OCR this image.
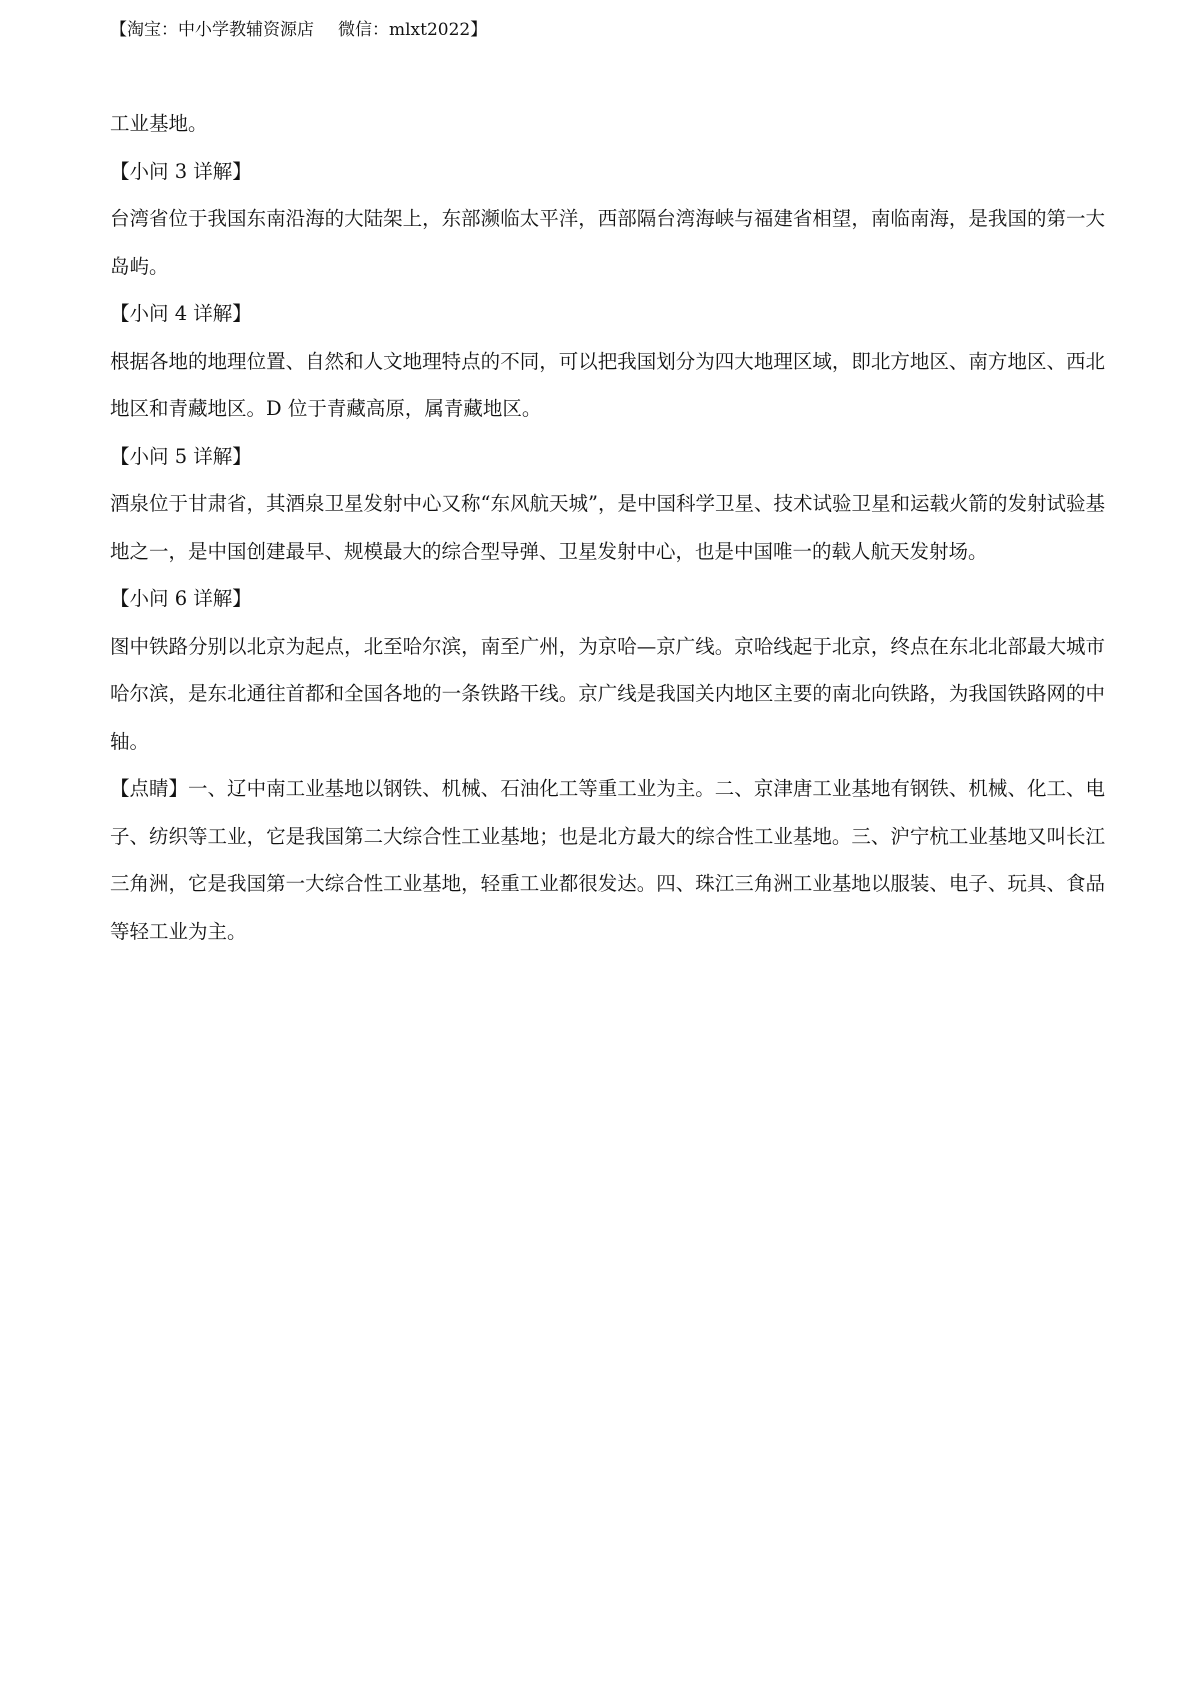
【淘宝：中小学教辅资源店 微信：mlxt2022】

工业基地。

【小问 3 详解】

台湾省位于我国东南沿海的大陆架上，东部濒临太平洋，西部隔台湾海峡与福建省相望，南临南海，是我国的第一大岛屿。

【小问 4 详解】

根据各地的地理位置、自然和人文地理特点的不同，可以把我国划分为四大地理区域，即北方地区、南方地区、西北地区和青藏地区。D 位于青藏高原，属青藏地区。

【小问 5 详解】

酒泉位于甘肃省，其酒泉卫星发射中心又称“东风航天城”，是中国科学卫星、技术试验卫星和运载火箭的发射试验基地之一，是中国创建最早、规模最大的综合型导弹、卫星发射中心，也是中国唯一的载人航天发射场。

【小问 6 详解】

图中铁路分别以北京为起点，北至哈尔滨，南至广州，为京哈—京广线。京哈线起于北京，终点在东北北部最大城市哈尔滨，是东北通往首都和全国各地的一条铁路干线。京广线是我国关内地区主要的南北向铁路，为我国铁路网的中轴。

【点睛】一、辽中南工业基地以钢铁、机械、石油化工等重工业为主。二、京津唐工业基地有钢铁、机械、化工、电子、纺织等工业，它是我国第二大综合性工业基地；也是北方最大的综合性工业基地。三、沪宁杭工业基地又叫长江三角洲，它是我国第一大综合性工业基地，轻重工业都很发达。四、珠江三角洲工业基地以服装、电子、玩具、食品等轻工业为主。
